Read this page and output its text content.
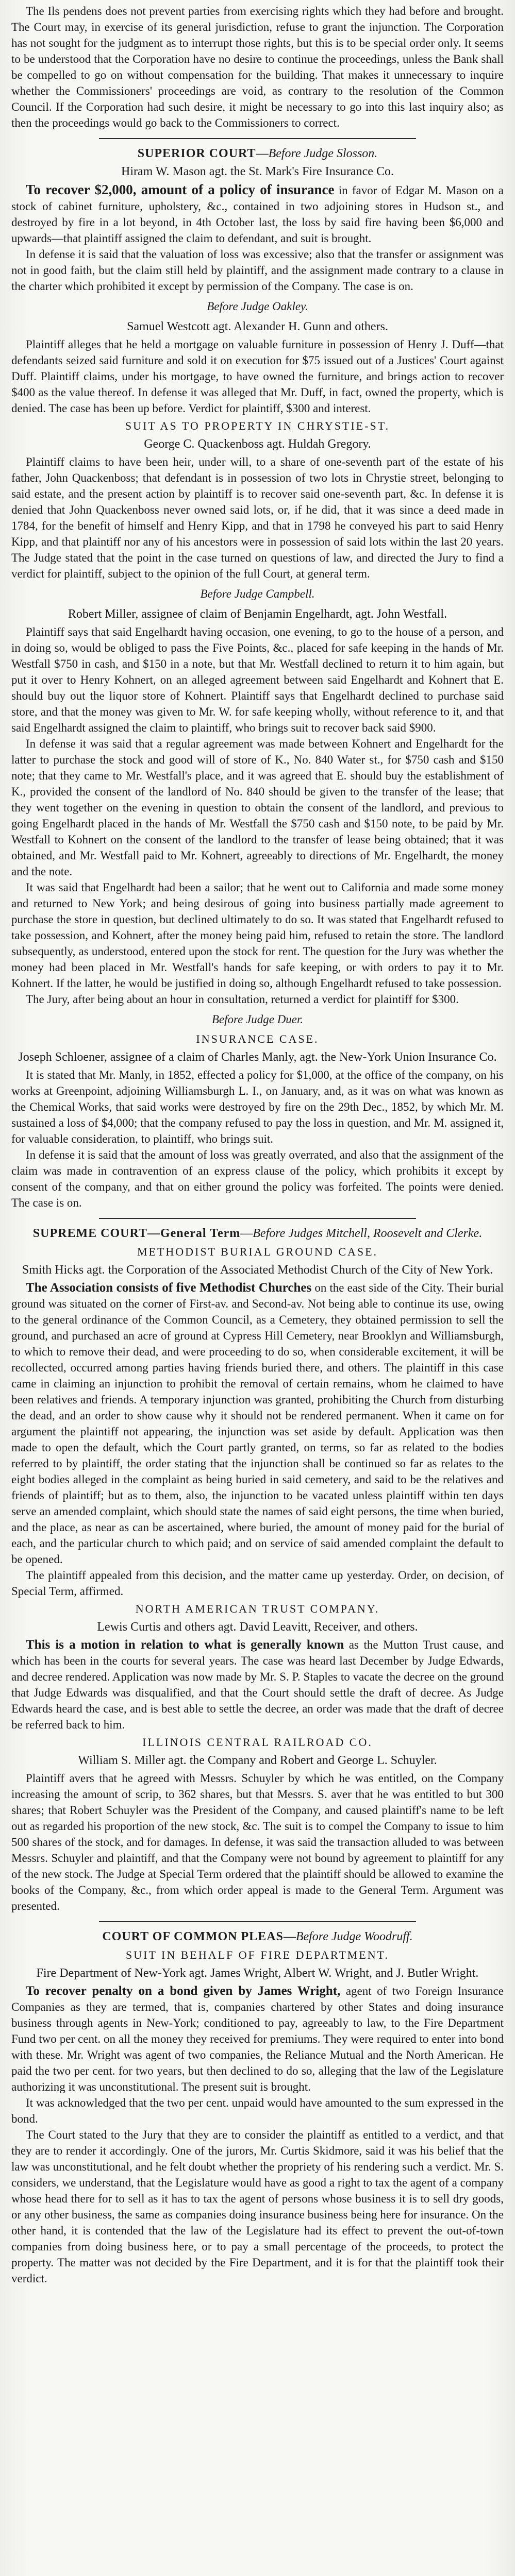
The Ils pendens does not prevent parties from exercising rights which they had before and brought. The Court may, in exercise of its general jurisdiction, refuse to grant the injunction. The Corporation has not sought for the judgment as to interrupt those rights, but this is to be special order only. It seems to be understood that the Corporation have no desire to continue the proceedings, unless the Bank shall be compelled to go on without compensation for the building. That makes it unnecessary to inquire whether the Commissioners' proceedings are void, as contrary to the resolution of the Common Council. If the Corporation had such desire, it might be necessary to go into this last inquiry also; as then the proceedings would go back to the Commissioners to correct.

SUPERIOR COURT—Before Judge Slosson.

Hiram W. Mason agt. the St. Mark's Fire Insurance Co.

To recover $2,000, amount of a policy of insurance in favor of Edgar M. Mason on a stock of cabinet furniture, upholstery, &c., contained in two adjoining stores in Hudson st., and destroyed by fire in a lot beyond, in 4th October last, the loss by said fire having been $6,000 and upwards—that plaintiff assigned the claim to defendant, and suit is brought.

In defense it is said that the valuation of loss was excessive; also that the transfer or assignment was not in good faith, but the claim still held by plaintiff, and the assignment made contrary to a clause in the charter which prohibited it except by permission of the Company. The case is on.

Before Judge Oakley.

Samuel Westcott agt. Alexander H. Gunn and others.

Plaintiff alleges that he held a mortgage on valuable furniture in possession of Henry J. Duff—that defendants seized said furniture and sold it on execution for $75 issued out of a Justices' Court against Duff. Plaintiff claims, under his mortgage, to have owned the furniture, and brings action to recover $400 as the value thereof. In defense it was alleged that Mr. Duff, in fact, owned the property, which is denied. The case has been up before. Verdict for plaintiff, $300 and interest.

SUIT AS TO PROPERTY IN CHRYSTIE-ST.

George C. Quackenboss agt. Huldah Gregory.

Plaintiff claims to have been heir, under will, to a share of one-seventh part of the estate of his father, John Quackenboss; that defendant is in possession of two lots in Chrystie street, belonging to said estate, and the present action by plaintiff is to recover said one-seventh part, &c. In defense it is denied that John Quackenboss never owned said lots, or, if he did, that it was since a deed made in 1784, for the benefit of himself and Henry Kipp, and that in 1798 he conveyed his part to said Henry Kipp, and that plaintiff nor any of his ancestors were in possession of said lots within the last 20 years. The Judge stated that the point in the case turned on questions of law, and directed the Jury to find a verdict for plaintiff, subject to the opinion of the full Court, at general term.

Before Judge Campbell.

Robert Miller, assignee of claim of Benjamin Engelhardt, agt. John Westfall.

Plaintiff says that said Engelhardt having occasion, one evening, to go to the house of a person, and in doing so, would be obliged to pass the Five Points, &c., placed for safe keeping in the hands of Mr. Westfall $750 in cash, and $150 in a note, but that Mr. Westfall declined to return it to him again, but put it over to Henry Kohnert, on an alleged agreement between said Engelhardt and Kohnert that E. should buy out the liquor store of Kohnert. Plaintiff says that Engelhardt declined to purchase said store, and that the money was given to Mr. W. for safe keeping wholly, without reference to it, and that said Engelhardt assigned the claim to plaintiff, who brings suit to recover back said $900.

In defense it was said that a regular agreement was made between Kohnert and Engelhardt for the latter to purchase the stock and good will of store of K., No. 840 Water st., for $750 cash and $150 note; that they came to Mr. Westfall's place, and it was agreed that E. should buy the establishment of K., provided the consent of the landlord of No. 840 should be given to the transfer of the lease; that they went together on the evening in question to obtain the consent of the landlord, and previous to going Engelhardt placed in the hands of Mr. Westfall the $750 cash and $150 note, to be paid by Mr. Westfall to Kohnert on the consent of the landlord to the transfer of lease being obtained; that it was obtained, and Mr. Westfall paid to Mr. Kohnert, agreeably to directions of Mr. Engelhardt, the money and the note.

It was said that Engelhardt had been a sailor; that he went out to California and made some money and returned to New York; and being desirous of going into business partially made agreement to purchase the store in question, but declined ultimately to do so. It was stated that Engelhardt refused to take possession, and Kohnert, after the money being paid him, refused to retain the store. The landlord subsequently, as understood, entered upon the stock for rent. The question for the Jury was whether the money had been placed in Mr. Westfall's hands for safe keeping, or with orders to pay it to Mr. Kohnert. If the latter, he would be justified in doing so, although Engelhardt refused to take possession.

The Jury, after being about an hour in consultation, returned a verdict for plaintiff for $300.

Before Judge Duer.

INSURANCE CASE.

Joseph Schloener, assignee of a claim of Charles Manly, agt. the New-York Union Insurance Co.

It is stated that Mr. Manly, in 1852, effected a policy for $1,000, at the office of the company, on his works at Greenpoint, adjoining Williamsburgh L. I., on January, and, as it was on what was known as the Chemical Works, that said works were destroyed by fire on the 29th Dec., 1852, by which Mr. M. sustained a loss of $4,000; that the company refused to pay the loss in question, and Mr. M. assigned it, for valuable consideration, to plaintiff, who brings suit.

In defense it is said that the amount of loss was greatly overrated, and also that the assignment of the claim was made in contravention of an express clause of the policy, which prohibits it except by consent of the company, and that on either ground the policy was forfeited. The points were denied. The case is on.

SUPREME COURT—General Term—Before Judges Mitchell, Roosevelt and Clerke.

METHODIST BURIAL GROUND CASE.

Smith Hicks agt. the Corporation of the Associated Methodist Church of the City of New York.

The Association consists of five Methodist Churches on the east side of the City. Their burial ground was situated on the corner of First-av. and Second-av. Not being able to continue its use, owing to the general ordinance of the Common Council, as a Cemetery, they obtained permission to sell the ground, and purchased an acre of ground at Cypress Hill Cemetery, near Brooklyn and Williamsburgh, to which to remove their dead, and were proceeding to do so, when considerable excitement, it will be recollected, occurred among parties having friends buried there, and others. The plaintiff in this case came in claiming an injunction to prohibit the removal of certain remains, whom he claimed to have been relatives and friends. A temporary injunction was granted, prohibiting the Church from disturbing the dead, and an order to show cause why it should not be rendered permanent. When it came on for argument the plaintiff not appearing, the injunction was set aside by default. Application was then made to open the default, which the Court partly granted, on terms, so far as related to the bodies referred to by plaintiff, the order stating that the injunction shall be continued so far as relates to the eight bodies alleged in the complaint as being buried in said cemetery, and said to be the relatives and friends of plaintiff; but as to them, also, the injunction to be vacated unless plaintiff within ten days serve an amended complaint, which should state the names of said eight persons, the time when buried, and the place, as near as can be ascertained, where buried, the amount of money paid for the burial of each, and the particular church to which paid; and on service of said amended complaint the default to be opened.

The plaintiff appealed from this decision, and the matter came up yesterday. Order, on decision, of Special Term, affirmed.

NORTH AMERICAN TRUST COMPANY.

Lewis Curtis and others agt. David Leavitt, Receiver, and others.

This is a motion in relation to what is generally known as the Mutton Trust cause, and which has been in the courts for several years. The case was heard last December by Judge Edwards, and decree rendered. Application was now made by Mr. S. P. Staples to vacate the decree on the ground that Judge Edwards was disqualified, and that the Court should settle the draft of decree. As Judge Edwards heard the case, and is best able to settle the decree, an order was made that the draft of decree be referred back to him.

ILLINOIS CENTRAL RAILROAD CO.

William S. Miller agt. the Company and Robert and George L. Schuyler.

Plaintiff avers that he agreed with Messrs. Schuyler by which he was entitled, on the Company increasing the amount of scrip, to 362 shares, but that Messrs. S. aver that he was entitled to but 300 shares; that Robert Schuyler was the President of the Company, and caused plaintiff's name to be left out as regarded his proportion of the new stock, &c. The suit is to compel the Company to issue to him 500 shares of the stock, and for damages. In defense, it was said the transaction alluded to was between Messrs. Schuyler and plaintiff, and that the Company were not bound by agreement to plaintiff for any of the new stock. The Judge at Special Term ordered that the plaintiff should be allowed to examine the books of the Company, &c., from which order appeal is made to the General Term. Argument was presented.

COURT OF COMMON PLEAS—Before Judge Woodruff.

SUIT IN BEHALF OF FIRE DEPARTMENT.

Fire Department of New-York agt. James Wright, Albert W. Wright, and J. Butler Wright.

To recover penalty on a bond given by James Wright, agent of two Foreign Insurance Companies as they are termed, that is, companies chartered by other States and doing insurance business through agents in New-York; conditioned to pay, agreeably to law, to the Fire Department Fund two per cent. on all the money they received for premiums. They were required to enter into bond with these. Mr. Wright was agent of two companies, the Reliance Mutual and the North American. He paid the two per cent. for two years, but then declined to do so, alleging that the law of the Legislature authorizing it was unconstitutional. The present suit is brought.

It was acknowledged that the two per cent. unpaid would have amounted to the sum expressed in the bond.

The Court stated to the Jury that they are to consider the plaintiff as entitled to a verdict, and that they are to render it accordingly. One of the jurors, Mr. Curtis Skidmore, said it was his belief that the law was unconstitutional, and he felt doubt whether the propriety of his rendering such a verdict. Mr. S. considers, we understand, that the Legislature would have as good a right to tax the agent of a company whose head there for to sell as it has to tax the agent of persons whose business it is to sell dry goods, or any other business, the same as companies doing insurance business being here for insurance. On the other hand, it is contended that the law of the Legislature had its effect to prevent the out-of-town companies from doing business here, or to pay a small percentage of the proceeds, to protect the property. The matter was not decided by the Fire Department, and it is for that the plaintiff took their verdict.
